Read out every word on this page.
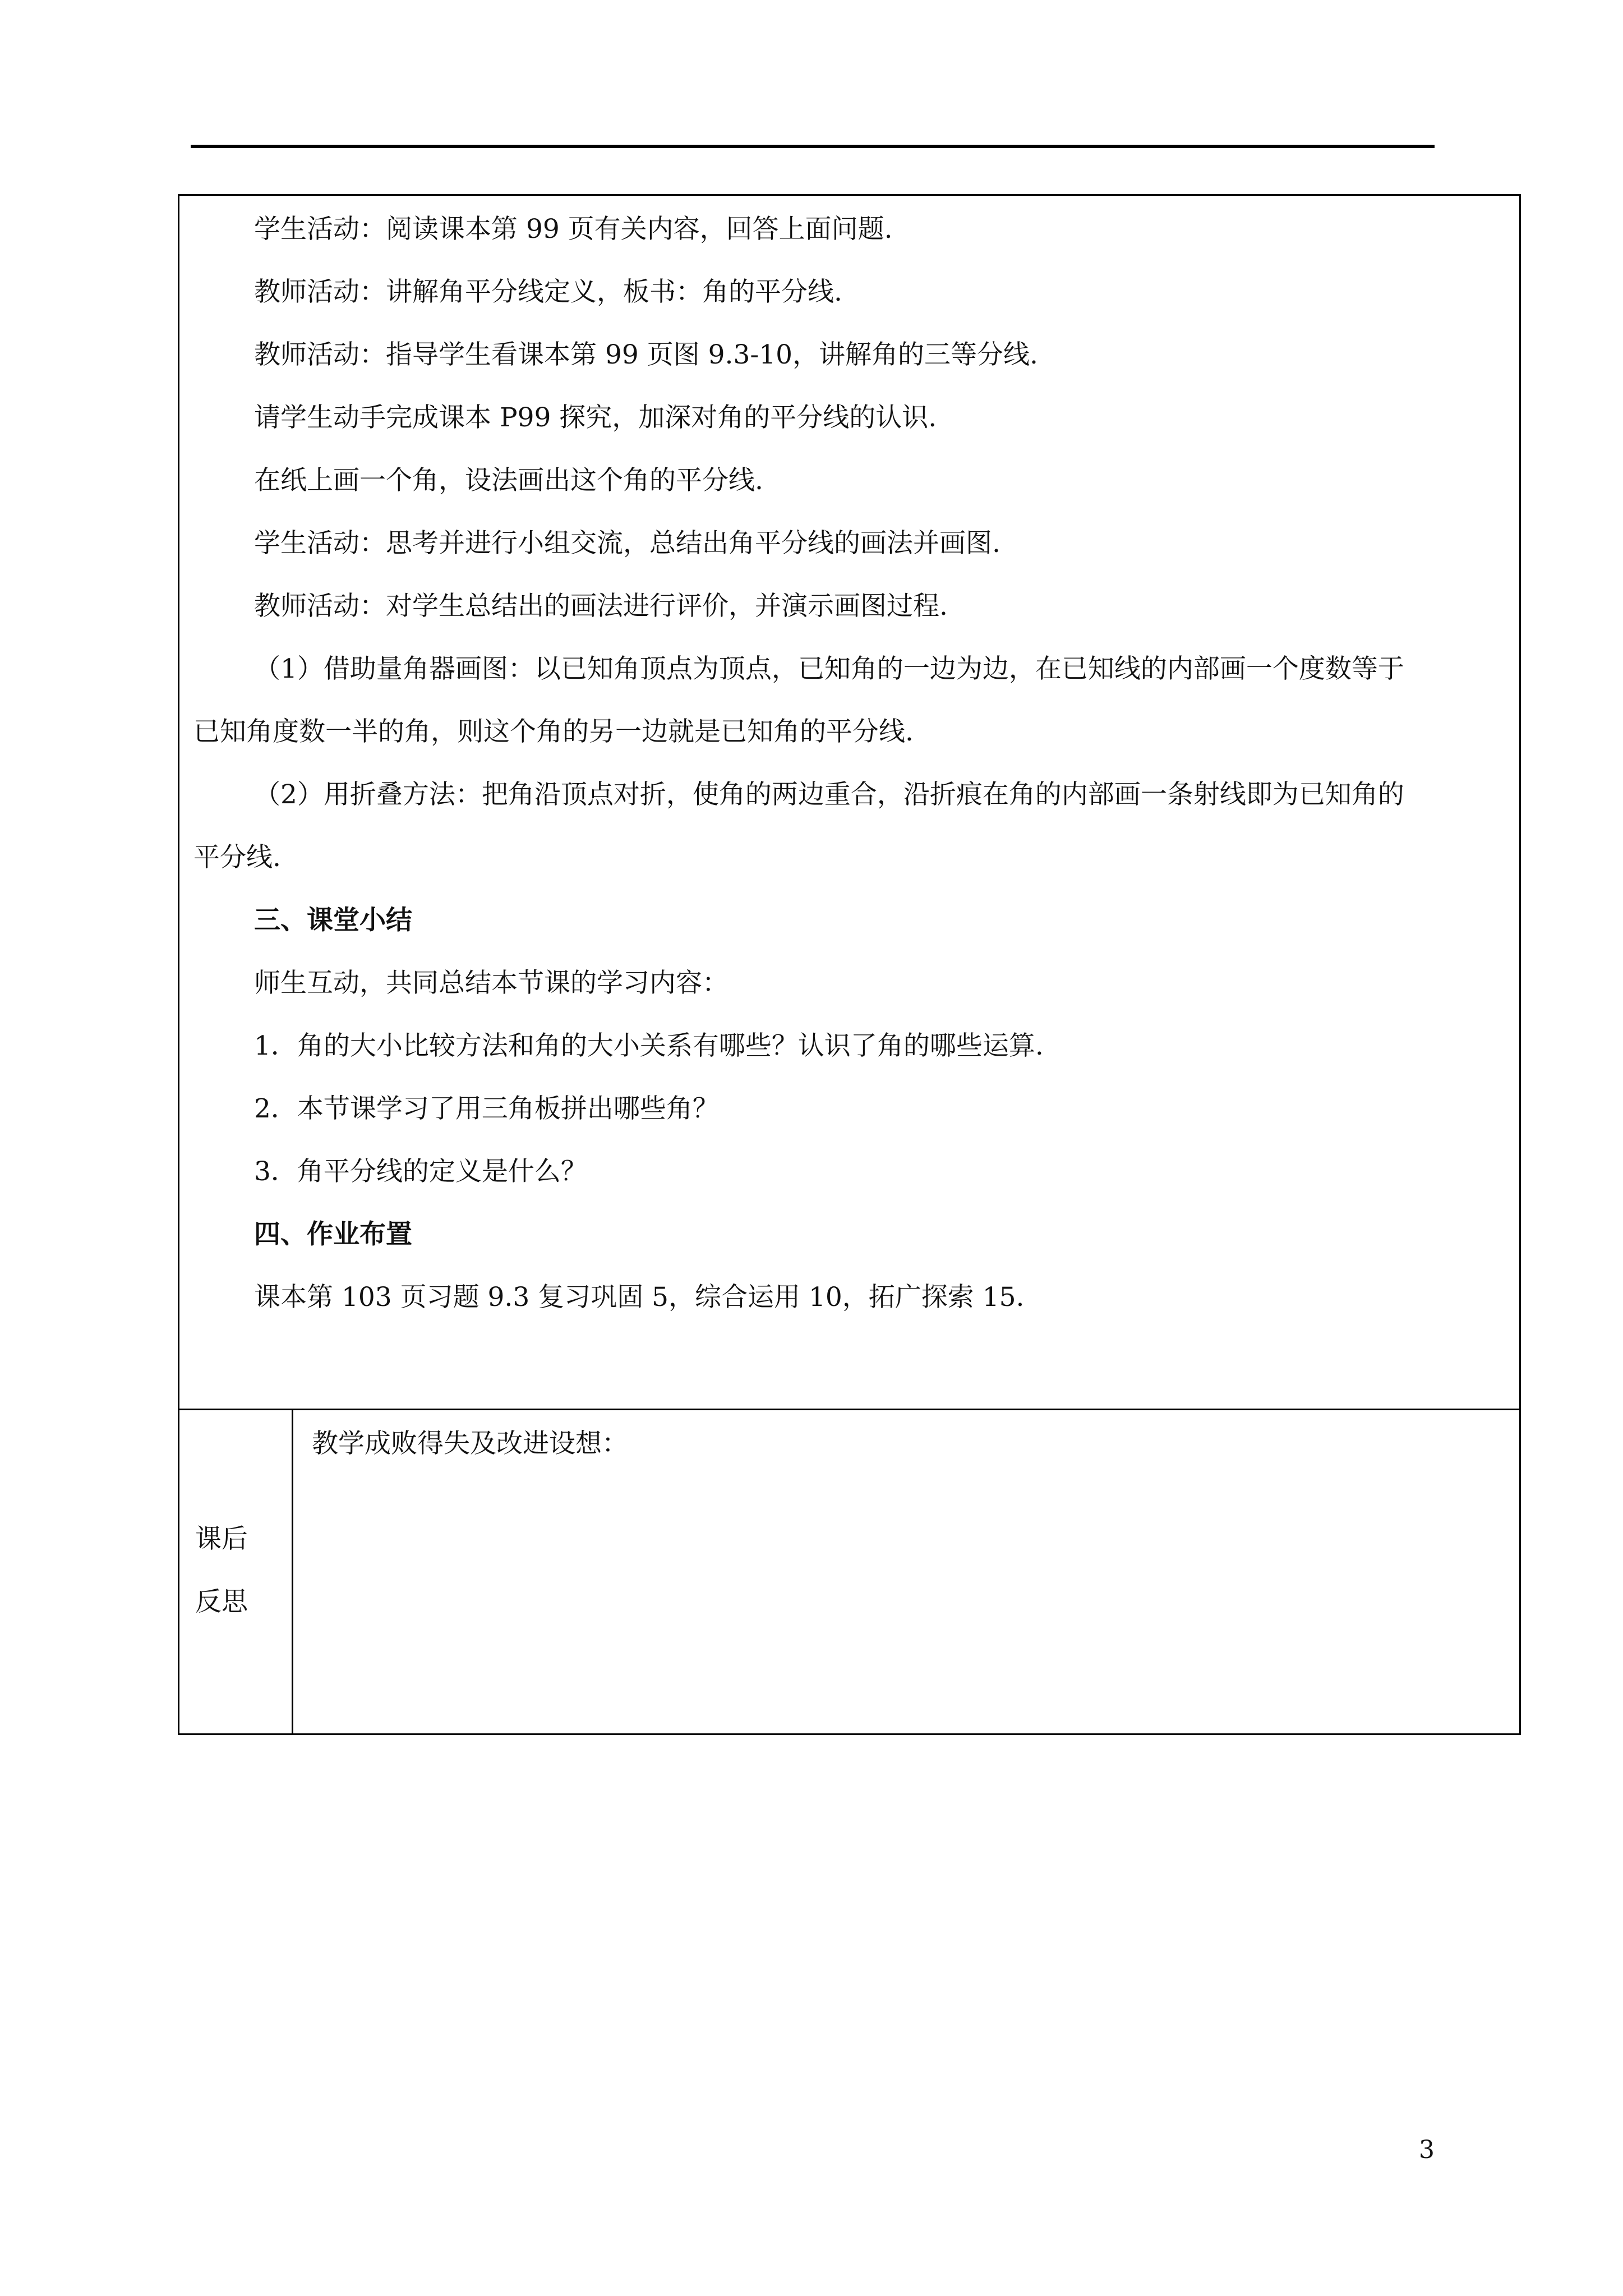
学生活动：阅读课本第 99 页有关内容，回答上面问题.

教师活动：讲解角平分线定义，板书：角的平分线.

教师活动：指导学生看课本第 99 页图 9.3-10，讲解角的三等分线.

请学生动手完成课本 P99 探究，加深对角的平分线的认识.

在纸上画一个角，设法画出这个角的平分线.

学生活动：思考并进行小组交流，总结出角平分线的画法并画图.

教师活动：对学生总结出的画法进行评价，并演示画图过程.

（1）借助量角器画图：以已知角顶点为顶点，已知角的一边为边，在已知线的内部画一个度数等于

已知角度数一半的角，则这个角的另一边就是已知角的平分线.

（2）用折叠方法：把角沿顶点对折，使角的两边重合，沿折痕在角的内部画一条射线即为已知角的

平分线.

三、课堂小结

师生互动，共同总结本节课的学习内容：

1．角的大小比较方法和角的大小关系有哪些？认识了角的哪些运算.

2．本节课学习了用三角板拼出哪些角？

3．角平分线的定义是什么？

四、作业布置

课本第 103 页习题 9.3 复习巩固 5，综合运用 10，拓广探索 15.

课后

反思

教学成败得失及改进设想：

3
